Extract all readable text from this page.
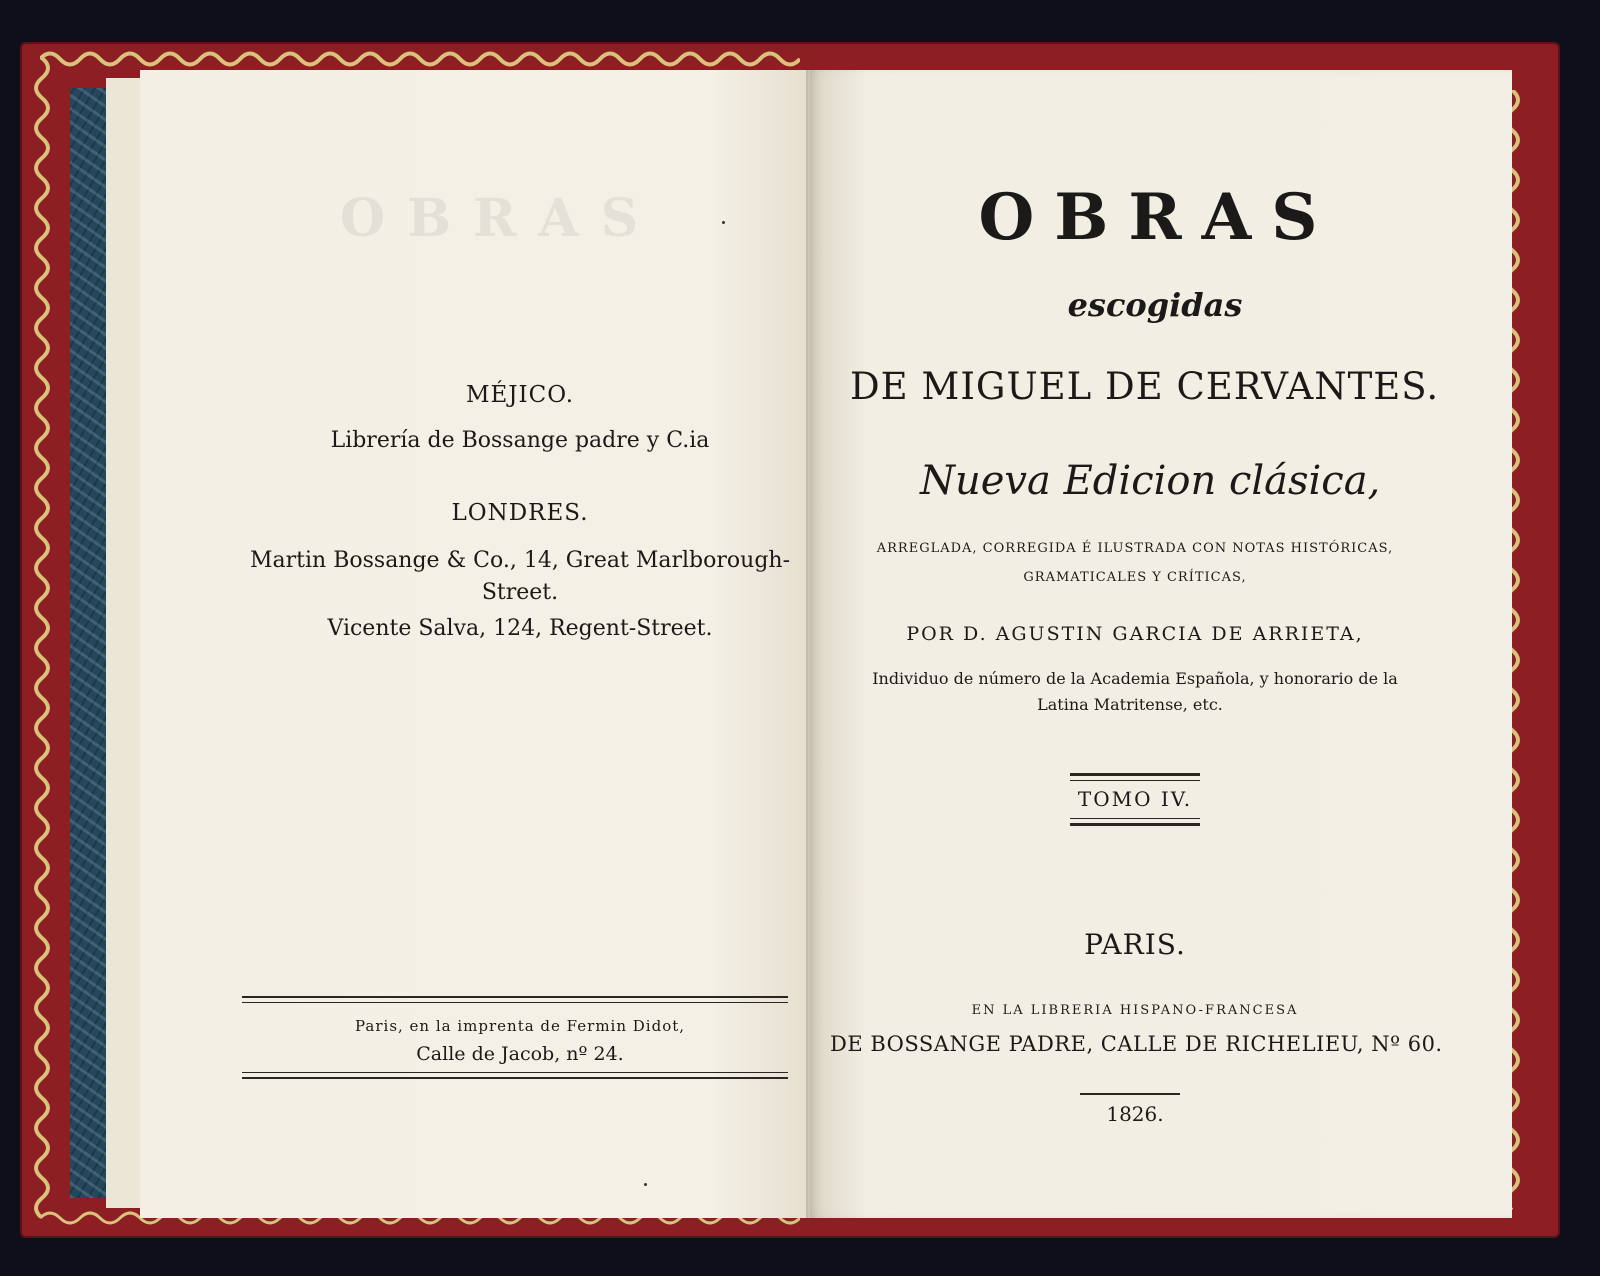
OBRAS
MÉJICO.
Librería de Bossange padre y C.ia
LONDRES.
Martin Bossange & Co., 14, Great Marlborough-
Street.
Vicente Salva, 124, Regent-Street.
Paris, en la imprenta de Fermin Didot,
Calle de Jacob, nº 24.
OBRAS
escogidas
DE MIGUEL DE CERVANTES.
Nueva Edicion clásica,
ARREGLADA, CORREGIDA É ILUSTRADA CON NOTAS HISTÓRICAS,
GRAMATICALES Y CRÍTICAS,
POR D. AGUSTIN GARCIA DE ARRIETA,
Individuo de número de la Academia Española, y honorario de la
Latina Matritense, etc.
TOMO IV.
PARIS.
EN LA LIBRERIA HISPANO-FRANCESA
DE BOSSANGE PADRE, CALLE DE RICHELIEU, Nº 60.
1826.
